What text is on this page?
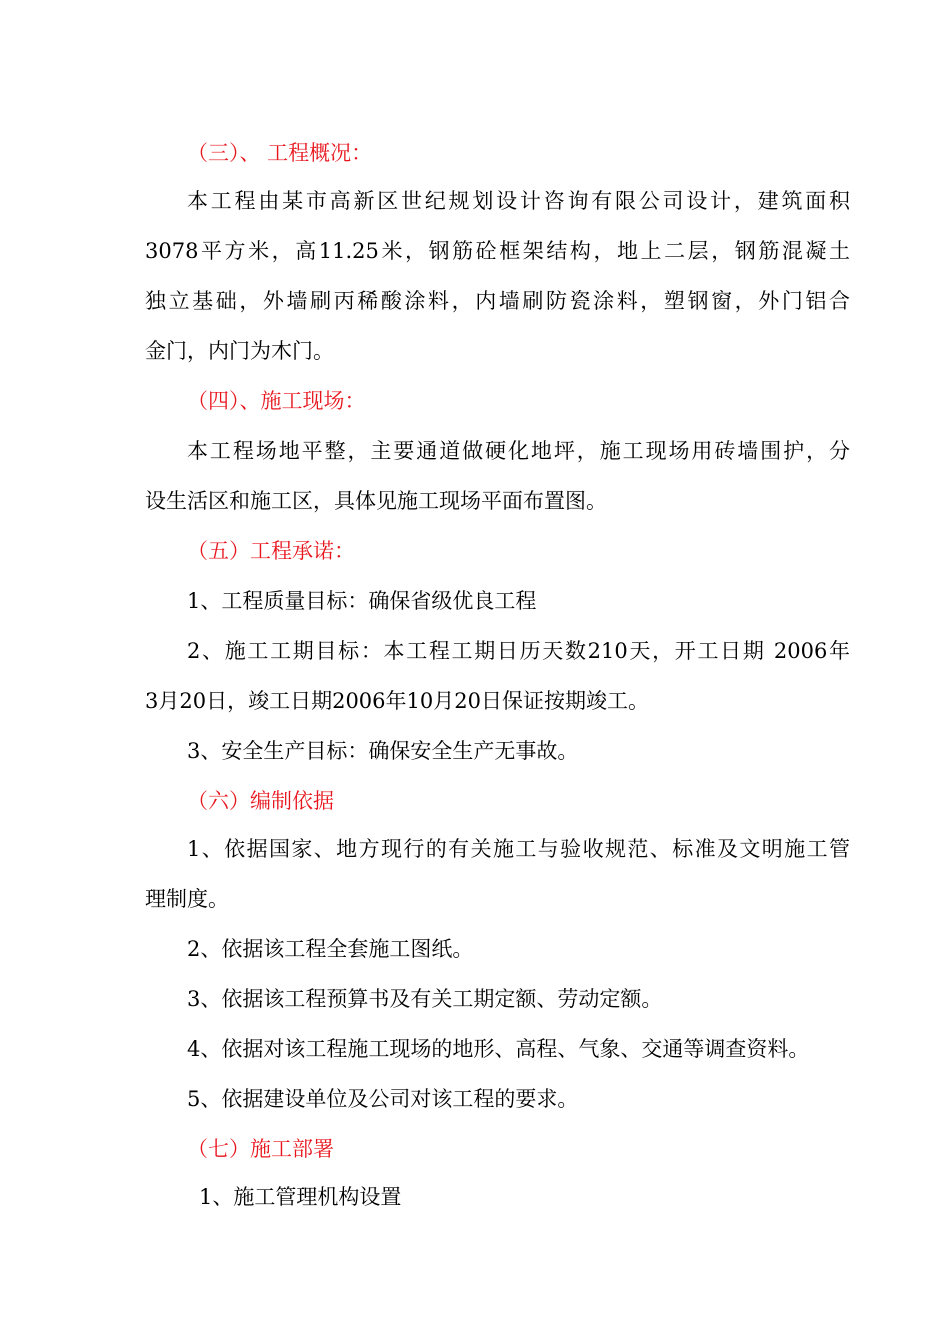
（三）、 工程概况：
本工程由某市高新区世纪规划设计咨询有限公司设计，建筑面积
3078平方米，高11.25米，钢筋砼框架结构，地上二层，钢筋混凝土
独立基础，外墙刷丙稀酸涂料，内墙刷防瓷涂料，塑钢窗，外门铝合
金门，内门为木门。
（四）、施工现场：
本工程场地平整，主要通道做硬化地坪，施工现场用砖墙围护，分
设生活区和施工区，具体见施工现场平面布置图。
（五）工程承诺：
1、工程质量目标：确保省级优良工程
2、施工工期目标：本工程工期日历天数210天，开工日期 2006年
3月20日，竣工日期2006年10月20日保证按期竣工。
3、安全生产目标：确保安全生产无事故。
（六）编制依据
1、依据国家、地方现行的有关施工与验收规范、标准及文明施工管
理制度。
2、依据该工程全套施工图纸。
3、依据该工程预算书及有关工期定额、劳动定额。
4、依据对该工程施工现场的地形、高程、气象、交通等调查资料。
5、依据建设单位及公司对该工程的要求。
（七）施工部署
1、施工管理机构设置
